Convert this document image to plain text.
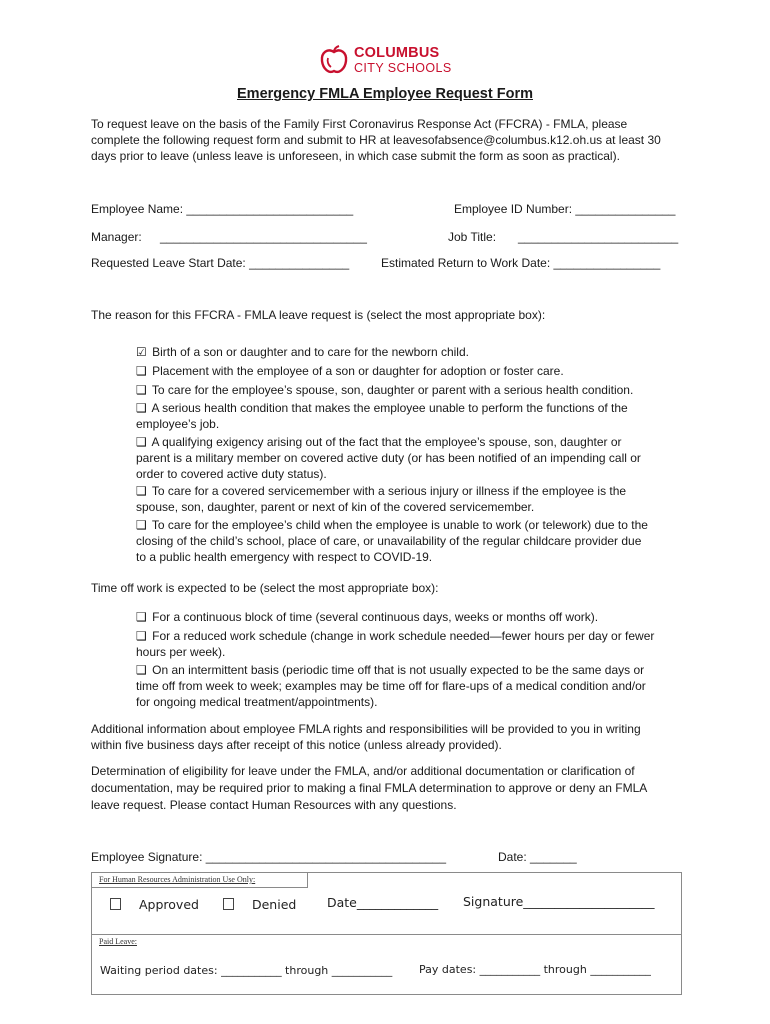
COLUMBUS
CITY SCHOOLS
Emergency FMLA Employee Request Form
To request leave on the basis of the Family First Coronavirus Response Act (FFCRA) - FMLA, please
complete the following request form and submit to HR at leavesofabsence@columbus.k12.oh.us at least 30
days prior to leave (unless leave is unforeseen, in which case submit the form as soon as practical).
Employee Name: _________________________	Employee ID Number: _______________
Manager: _______________________________	Job Title: ________________________
Requested Leave Start Date: _______________	Estimated Return to Work Date: ________________
The reason for this FFCRA - FMLA leave request is (select the most appropriate box):
☑ Birth of a son or daughter and to care for the newborn child.
❑ Placement with the employee of a son or daughter for adoption or foster care.
❑ To care for the employee’s spouse, son, daughter or parent with a serious health condition.
❑ A serious health condition that makes the employee unable to perform the functions of the
employee’s job.
❑ A qualifying exigency arising out of the fact that the employee’s spouse, son, daughter or
parent is a military member on covered active duty (or has been notified of an impending call or
order to covered active duty status).
❑ To care for a covered servicemember with a serious injury or illness if the employee is the
spouse, son, daughter, parent or next of kin of the covered servicemember.
❑ To care for the employee’s child when the employee is unable to work (or telework) due to the
closing of the child’s school, place of care, or unavailability of the regular childcare provider due
to a public health emergency with respect to COVID-19.
Time off work is expected to be (select the most appropriate box):
❑ For a continuous block of time (several continuous days, weeks or months off work).
❑ For a reduced work schedule (change in work schedule needed—fewer hours per day or fewer
hours per week).
❑ On an intermittent basis (periodic time off that is not usually expected to be the same days or
time off from week to week; examples may be time off for flare-ups of a medical condition and/or
for ongoing medical treatment/appointments).
Additional information about employee FMLA rights and responsibilities will be provided to you in writing
within five business days after receipt of this notice (unless already provided).
Determination of eligibility for leave under the FMLA, and/or additional documentation or clarification of
documentation, may be required prior to making a final FMLA determination to approve or deny an FMLA
leave request. Please contact Human Resources with any questions.
Employee Signature: ____________________________________	Date: _______
For Human Resources Administration Use Only:
Approved	Denied Date_____________ Signature_____________________
Paid Leave:
Waiting period dates: ___________ through ___________ Pay dates: ___________ through ___________
